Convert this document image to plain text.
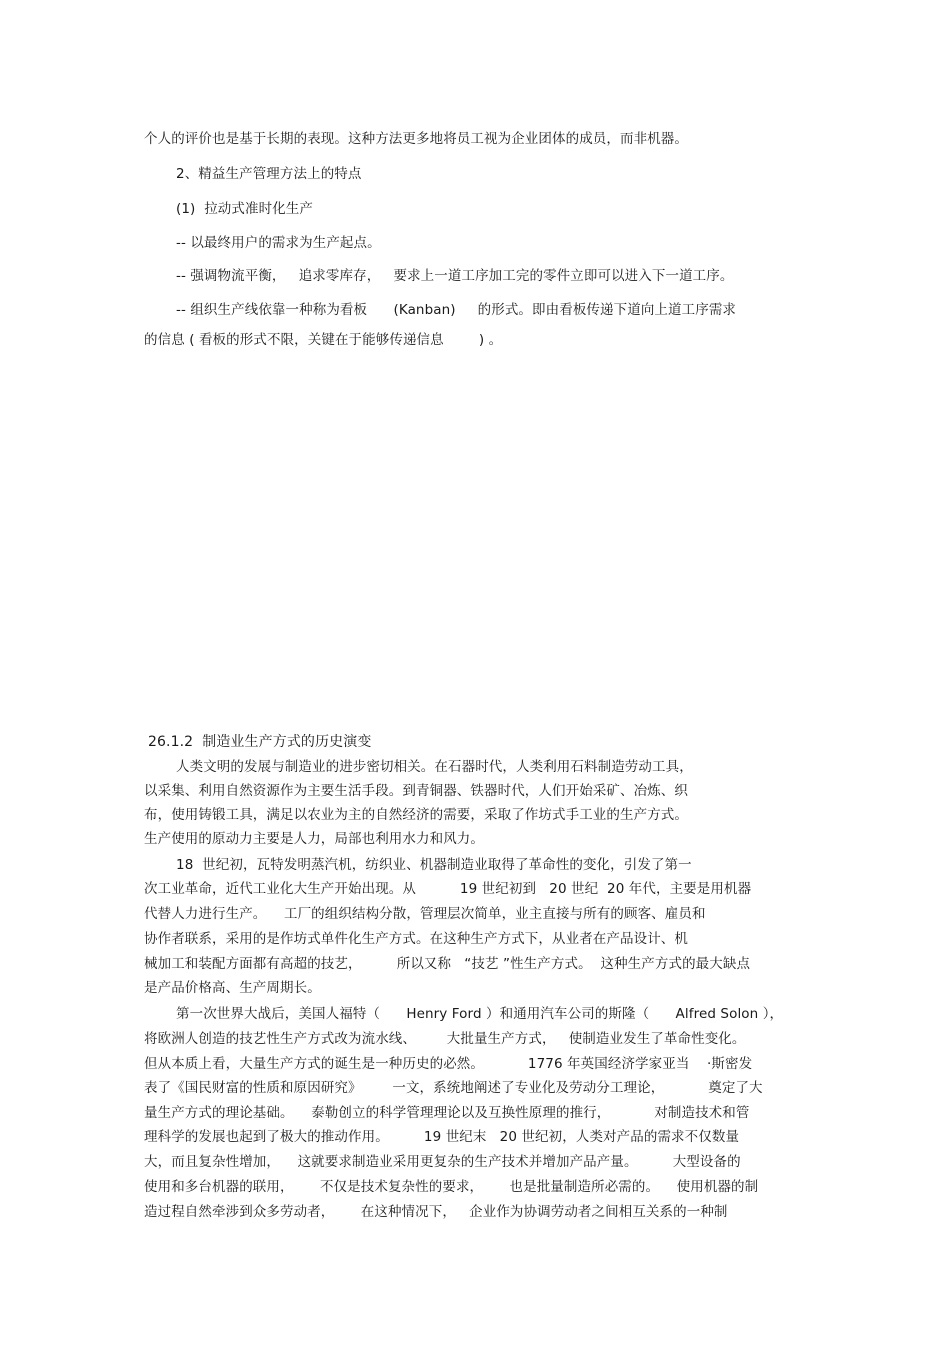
个人的评价也是基于长期的表现。这种方法更多地将员工视为企业团体的成员，而非机器。
2、精益生产管理方法上的特点
(1)  拉动式准时化生产
-- 以最终用户的需求为生产起点。
-- 强调物流平衡，   追求零库存，   要求上一道工序加工完的零件立即可以进入下一道工序。
-- 组织生产线依靠一种称为看板      (Kanban)     的形式。即由看板传递下道向上道工序需求
的信息 ( 看板的形式不限，关键在于能够传递信息        ) 。
26.1.2  制造业生产方式的历史演变
人类文明的发展与制造业的进步密切相关。在石器时代，人类利用石料制造劳动工具，
以采集、利用自然资源作为主要生活手段。到青铜器、铁器时代，人们开始采矿、冶炼、织
布，使用铸锻工具，满足以农业为主的自然经济的需要，采取了作坊式手工业的生产方式。
生产使用的原动力主要是人力，局部也利用水力和风力。
18  世纪初，瓦特发明蒸汽机，纺织业、机器制造业取得了革命性的变化，引发了第一
次工业革命，近代工业化大生产开始出现。从          19 世纪初到   20 世纪  20 年代，主要是用机器
代替人力进行生产。    工厂的组织结构分散，管理层次简单，业主直接与所有的顾客、雇员和
协作者联系，采用的是作坊式单件化生产方式。在这种生产方式下，从业者在产品设计、机
械加工和装配方面都有高超的技艺，        所以又称   “技艺 ”性生产方式。  这种生产方式的最大缺点
是产品价格高、生产周期长。
第一次世界大战后，美国人福特（      Henry Ford ）和通用汽车公司的斯隆（      Alfred Solon ），
将欧洲人创造的技艺性生产方式改为流水线、       大批量生产方式，   使制造业发生了革命性变化。
但从本质上看，大量生产方式的诞生是一种历史的必然。          1776 年英国经济学家亚当    ·斯密发
表了《国民财富的性质和原因研究》       一文，系统地阐述了专业化及劳动分工理论，          奠定了大
量生产方式的理论基础。    泰勒创立的科学管理理论以及互换性原理的推行，          对制造技术和管
理科学的发展也起到了极大的推动作用。        19 世纪末   20 世纪初，人类对产品的需求不仅数量
大，而且复杂性增加，    这就要求制造业采用更复杂的生产技术并增加产品产量。        大型设备的
使用和多台机器的联用，      不仅是技术复杂性的要求，      也是批量制造所必需的。    使用机器的制
造过程自然牵涉到众多劳动者，      在这种情况下，   企业作为协调劳动者之间相互关系的一种制
